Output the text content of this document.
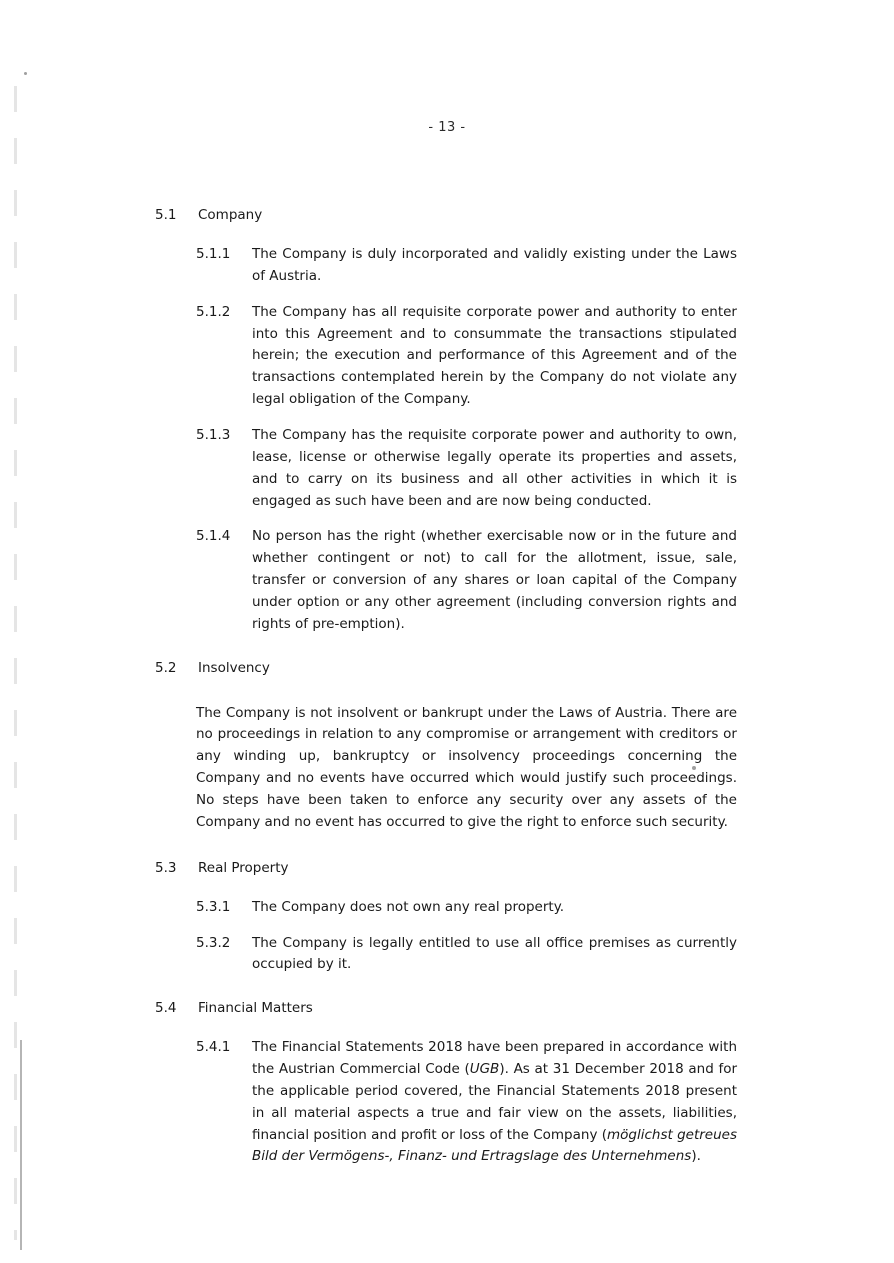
- 13 -
5.1	Company
5.1.1	The Company is duly incorporated and validly existing under the Laws of Austria.
5.1.2	The Company has all requisite corporate power and authority to enter into this Agreement and to consummate the transactions stipulated herein; the execution and performance of this Agreement and of the transactions contemplated herein by the Company do not violate any legal obligation of the Company.
5.1.3	The Company has the requisite corporate power and authority to own, lease, license or otherwise legally operate its properties and assets, and to carry on its business and all other activities in which it is engaged as such have been and are now being conducted.
5.1.4	No person has the right (whether exercisable now or in the future and whether contingent or not) to call for the allotment, issue, sale, transfer or conversion of any shares or loan capital of the Company under option or any other agreement (including conversion rights and rights of pre-emption).
5.2	Insolvency
The Company is not insolvent or bankrupt under the Laws of Austria. There are no proceedings in relation to any compromise or arrangement with creditors or any winding up, bankruptcy or insolvency proceedings concerning the Company and no events have occurred which would justify such proceedings. No steps have been taken to enforce any security over any assets of the Company and no event has occurred to give the right to enforce such security.
5.3	Real Property
5.3.1	The Company does not own any real property.
5.3.2	The Company is legally entitled to use all office premises as currently occupied by it.
5.4	Financial Matters
5.4.1	The Financial Statements 2018 have been prepared in accordance with the Austrian Commercial Code (UGB). As at 31 December 2018 and for the applicable period covered, the Financial Statements 2018 present in all material aspects a true and fair view on the assets, liabilities, financial position and profit or loss of the Company (möglichst getreues Bild der Vermögens-, Finanz- und Ertragslage des Unternehmens).
